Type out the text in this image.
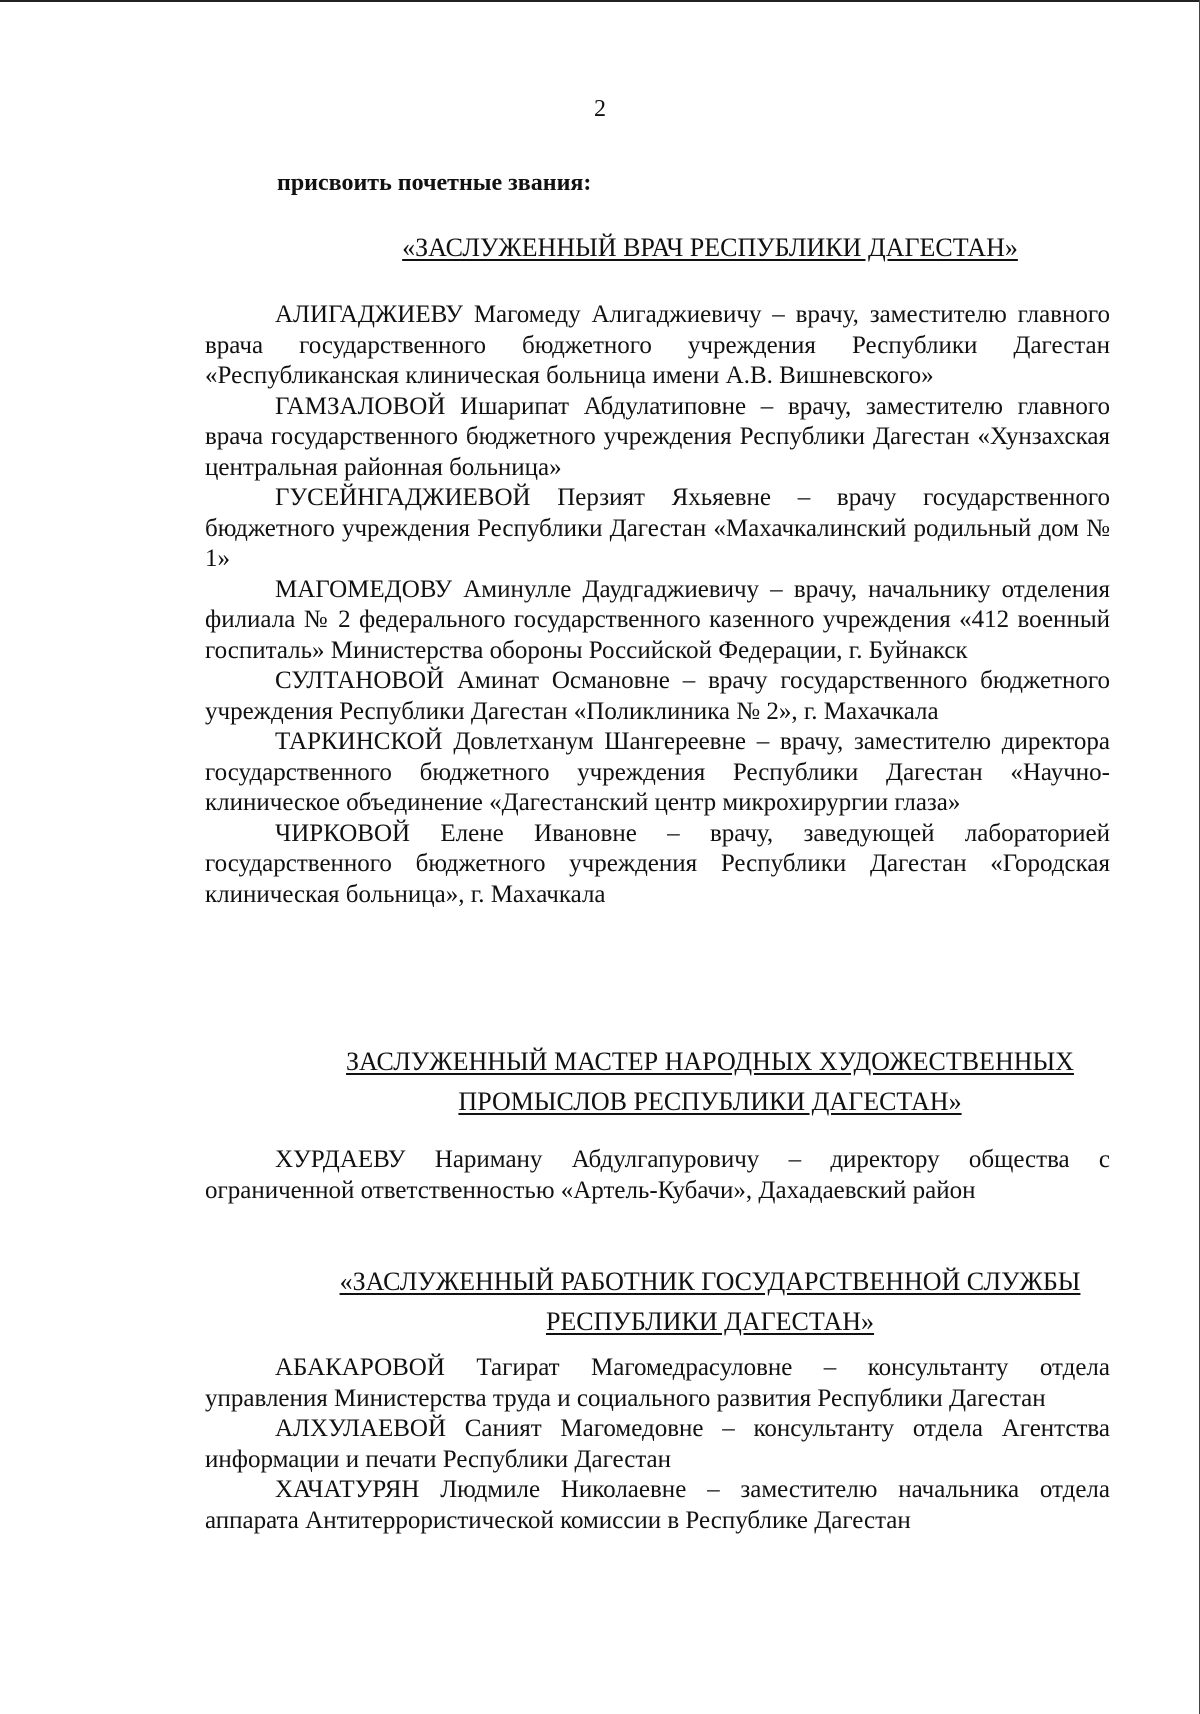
2
присвоить почетные звания:
«ЗАСЛУЖЕННЫЙ ВРАЧ РЕСПУБЛИКИ ДАГЕСТАН»

АЛИГАДЖИЕВУ Магомеду Алигаджиевичу – врачу, заместителю главного врача государственного бюджетного учреждения Республики Дагестан «Республиканская клиническая больница имени А.В. Вишневского»

ГАМЗАЛОВОЙ Ишарипат Абдулатиповне – врачу, заместителю главного врача государственного бюджетного учреждения Республики Дагестан «Хунзахская центральная районная больница»

ГУСЕЙНГАДЖИЕВОЙ Перзият Яхьяевне – врачу государственного бюджетного учреждения Республики Дагестан «Махачкалинский родильный дом № 1»

МАГОМЕДОВУ Аминулле Даудгаджиевичу – врачу, начальнику отделения филиала № 2 федерального государственного казенного учреждения «412 военный госпиталь» Министерства обороны Российской Федерации, г. Буйнакск

СУЛТАНОВОЙ Аминат Османовне – врачу государственного бюджетного учреждения Республики Дагестан «Поликлиника № 2», г. Махачкала

ТАРКИНСКОЙ Довлетханум Шангереевне – врачу, заместителю директора государственного бюджетного учреждения Республики Дагестан «Научно-клиническое объединение «Дагестанский центр микрохирургии глаза»

ЧИРКОВОЙ Елене Ивановне – врачу, заведующей лабораторией государственного бюджетного учреждения Республики Дагестан «Городская клиническая больница», г. Махачкала

ЗАСЛУЖЕННЫЙ МАСТЕР НАРОДНЫХ ХУДОЖЕСТВЕННЫХ
ПРОМЫСЛОВ РЕСПУБЛИКИ ДАГЕСТАН»

ХУРДАЕВУ Нариману Абдулгапуровичу – директору общества с ограниченной ответственностью «Артель-Кубачи», Дахадаевский район

«ЗАСЛУЖЕННЫЙ РАБОТНИК ГОСУДАРСТВЕННОЙ СЛУЖБЫ
РЕСПУБЛИКИ ДАГЕСТАН»

АБАКАРОВОЙ Тагират Магомедрасуловне – консультанту отдела управления Министерства труда и социального развития Республики Дагестан

АЛХУЛАЕВОЙ Саният Магомедовне – консультанту отдела Агентства информации и печати Республики Дагестан

ХАЧАТУРЯН Людмиле Николаевне – заместителю начальника отдела аппарата Антитеррористической комиссии в Республике Дагестан
